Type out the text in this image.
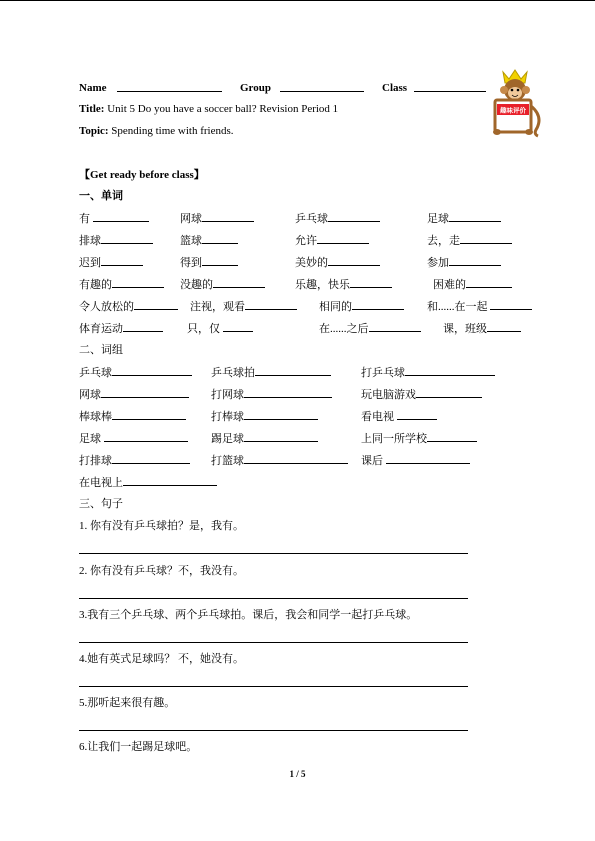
Name	Group	Class
Title: Unit 5 Do you have a soccer ball? Revision Period 1
Topic: Spending time with friends.
趣味评价
【Get ready before class】
一、单词
有	网球	乒乓球	足球
排球	篮球	允许	去，走
迟到	得到	美妙的	参加
有趣的	没趣的	乐趣，快乐	困难的
令人放松的	注视，观看	相同的	和......在一起
体育运动	只，仅	在......之后	课，班级
二、词组
乒乓球	乒乓球拍	打乒乓球
网球	打网球	玩电脑游戏
棒球棒	打棒球	看电视
足球	踢足球	上同一所学校
打排球	打篮球	课后
在电视上
三、句子
1. 你有没有乒乓球拍？是，我有。
2. 你有没有乒乓球？不，我没有。
3.我有三个乒乓球、两个乒乓球拍。课后，我会和同学一起打乒乓球。
4.她有英式足球吗？ 不，她没有。
5.那听起来很有趣。
6.让我们一起踢足球吧。
1 / 5
